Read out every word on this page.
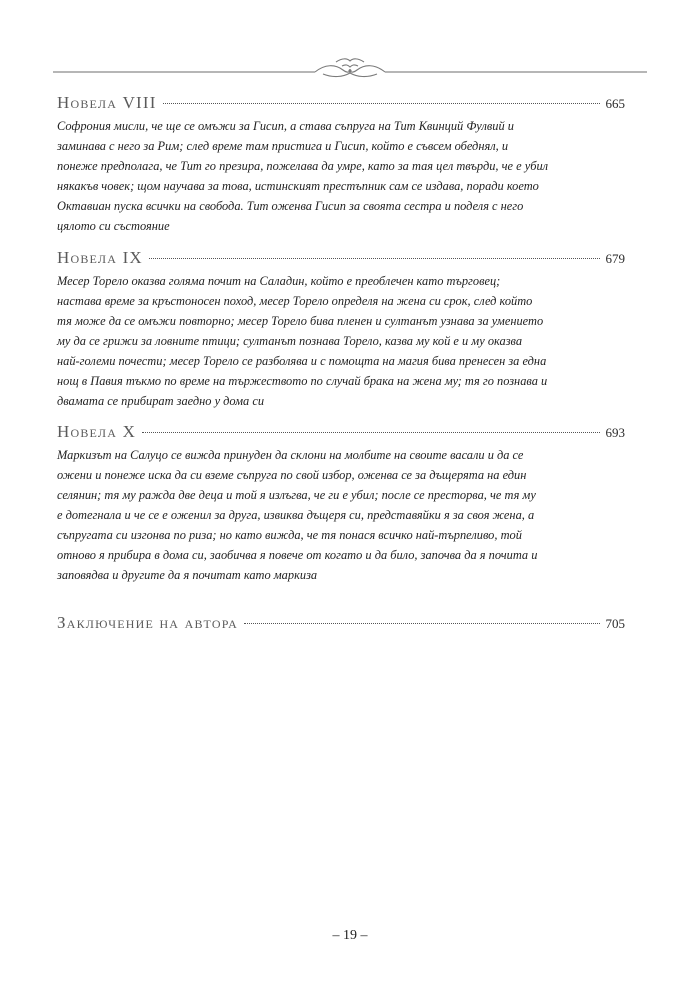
Новела VIII	665
Софрония мисли, че ще се омъжи за Гисип, а става съпруга на Тит Квинций Фулвий и
заминава с него за Рим; след време там пристига и Гисип, който е съвсем обеднял, и
понеже предполага, че Тит го презира, пожелава да умре, като за тая цел твърди, че е убил
някакъв човек; щом научава за това, истинският престъпник сам се издава, поради което
Октавиан пуска всички на свобода. Тит оженва Гисип за своята сестра и поделя с него
цялото си състояние
Новела IX	679
Месер Торело оказва голяма почит на Саладин, който е преоблечен като търговец;
настава време за кръстоносен поход, месер Торело определя на жена си срок, след който
тя може да се омъжи повторно; месер Торело бива пленен и султанът узнава за умението
му да се грижи за ловните птици; султанът познава Торело, казва му кой е и му оказва
най-големи почести; месер Торело се разболява и с помощта на магия бива пренесен за една
нощ в Павия тъкмо по време на тържеството по случай брака на жена му; тя го познава и
двамата се прибират заедно у дома си
Новела X	693
Маркизът на Салуцо се вижда принуден да склони на молбите на своите васали и да се
ожени и понеже иска да си вземе съпруга по свой избор, оженва се за дъщерята на един
селянин; тя му ражда две деца и той я излъгва, че ги е убил; после се престорва, че тя му
е дотегнала и че се е оженил за друга, извиква дъщеря си, представяйки я за своя жена, а
съпругата си изгонва по риза; но като вижда, че тя понася всичко най-търпеливо, той
отново я прибира в дома си, заобичва я повече от когато и да било, започва да я почита и
заповядва и другите да я почитат като маркиза
Заключение на автора	705
– 19 –
